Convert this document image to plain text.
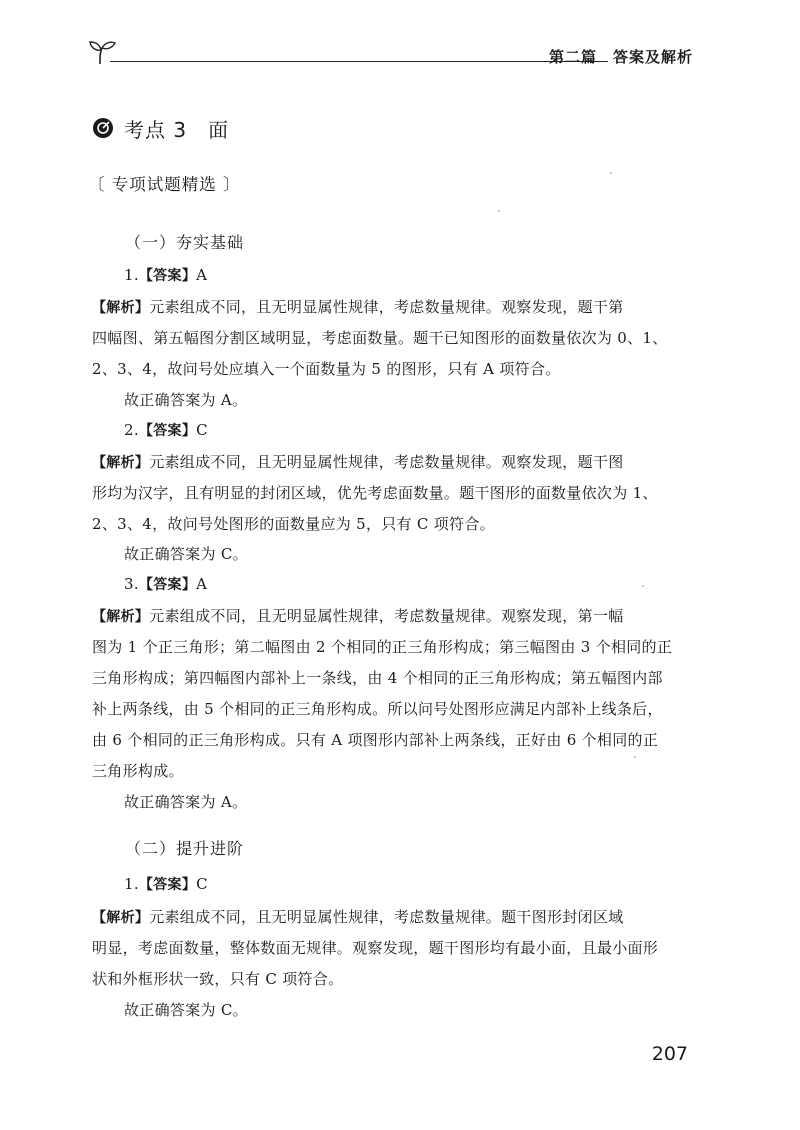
第二篇　答案及解析
考点 3　面
〔 专项试题精选 〕
（一）夯实基础
1.【答案】A
【解析】元素组成不同，且无明显属性规律，考虑数量规律。观察发现，题干第
四幅图、第五幅图分割区域明显，考虑面数量。题干已知图形的面数量依次为 0、1、
2、3、4，故问号处应填入一个面数量为 5 的图形，只有 A 项符合。
故正确答案为 A。
2.【答案】C
【解析】元素组成不同，且无明显属性规律，考虑数量规律。观察发现，题干图
形均为汉字，且有明显的封闭区域，优先考虑面数量。题干图形的面数量依次为 1、
2、3、4，故问号处图形的面数量应为 5，只有 C 项符合。
故正确答案为 C。
3.【答案】A
【解析】元素组成不同，且无明显属性规律，考虑数量规律。观察发现，第一幅
图为 1 个正三角形；第二幅图由 2 个相同的正三角形构成；第三幅图由 3 个相同的正
三角形构成；第四幅图内部补上一条线，由 4 个相同的正三角形构成；第五幅图内部
补上两条线，由 5 个相同的正三角形构成。所以问号处图形应满足内部补上线条后，
由 6 个相同的正三角形构成。只有 A 项图形内部补上两条线，正好由 6 个相同的正
三角形构成。
故正确答案为 A。
（二）提升进阶
1.【答案】C
【解析】元素组成不同，且无明显属性规律，考虑数量规律。题干图形封闭区域
明显，考虑面数量，整体数面无规律。观察发现，题干图形均有最小面，且最小面形
状和外框形状一致，只有 C 项符合。
故正确答案为 C。
207
